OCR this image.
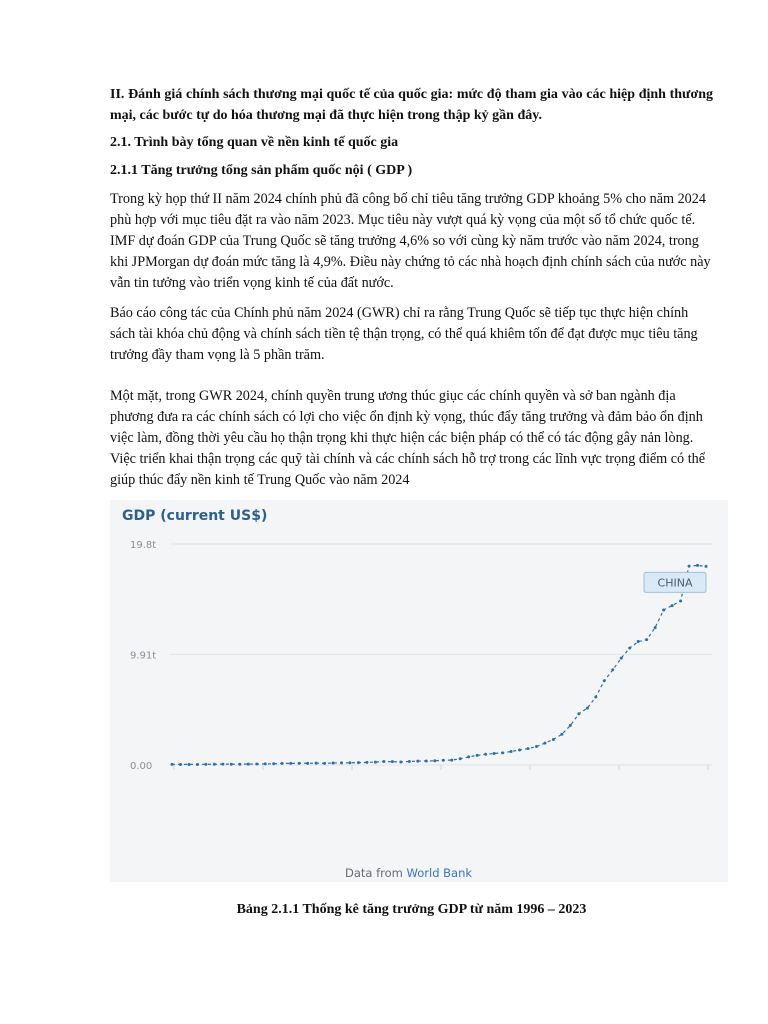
II. Đánh giá chính sách thương mại quốc tế của quốc gia: mức độ tham gia vào các hiệp định thương mại, các bước tự do hóa thương mại đã thực hiện trong thập kỷ gần đây.

2.1. Trình bày tổng quan về nền kinh tế quốc gia

2.1.1 Tăng trưởng tổng sản phẩm quốc nội ( GDP )

Trong kỳ họp thứ II năm 2024 chính phủ đã công bố chỉ tiêu tăng trưởng GDP khoảng 5% cho năm 2024 phù hợp với mục tiêu đặt ra vào năm 2023. Mục tiêu này vượt quá kỳ vọng của một số tổ chức quốc tế. IMF dự đoán GDP của Trung Quốc sẽ tăng trưởng 4,6% so với cùng kỳ năm trước vào năm 2024, trong khi JPMorgan dự đoán mức tăng là 4,9%. Điều này chứng tỏ các nhà hoạch định chính sách của nước này vẫn tin tưởng vào triển vọng kinh tế của đất nước.

Báo cáo công tác của Chính phủ năm 2024 (GWR) chỉ ra rằng Trung Quốc sẽ tiếp tục thực hiện chính sách tài khóa chủ động và chính sách tiền tệ thận trọng, có thể quá khiêm tốn để đạt được mục tiêu tăng trưởng đầy tham vọng là 5 phần trăm.

Một mặt, trong GWR 2024, chính quyền trung ương thúc giục các chính quyền và sở ban ngành địa phương đưa ra các chính sách có lợi cho việc ổn định kỳ vọng, thúc đẩy tăng trưởng và đảm bảo ổn định việc làm, đồng thời yêu cầu họ thận trọng khi thực hiện các biện pháp có thể có tác động gây nản lòng. Việc triển khai thận trọng các quỹ tài chính và các chính sách hỗ trợ trong các lĩnh vực trọng điểm có thể giúp thúc đẩy nền kinh tế Trung Quốc vào năm 2024

GDP (current US$)
19.8t
9.91t
0.00
CHINA
Data from World Bank
Bảng 2.1.1 Thống kê tăng trưởng GDP từ năm 1996 – 2023
